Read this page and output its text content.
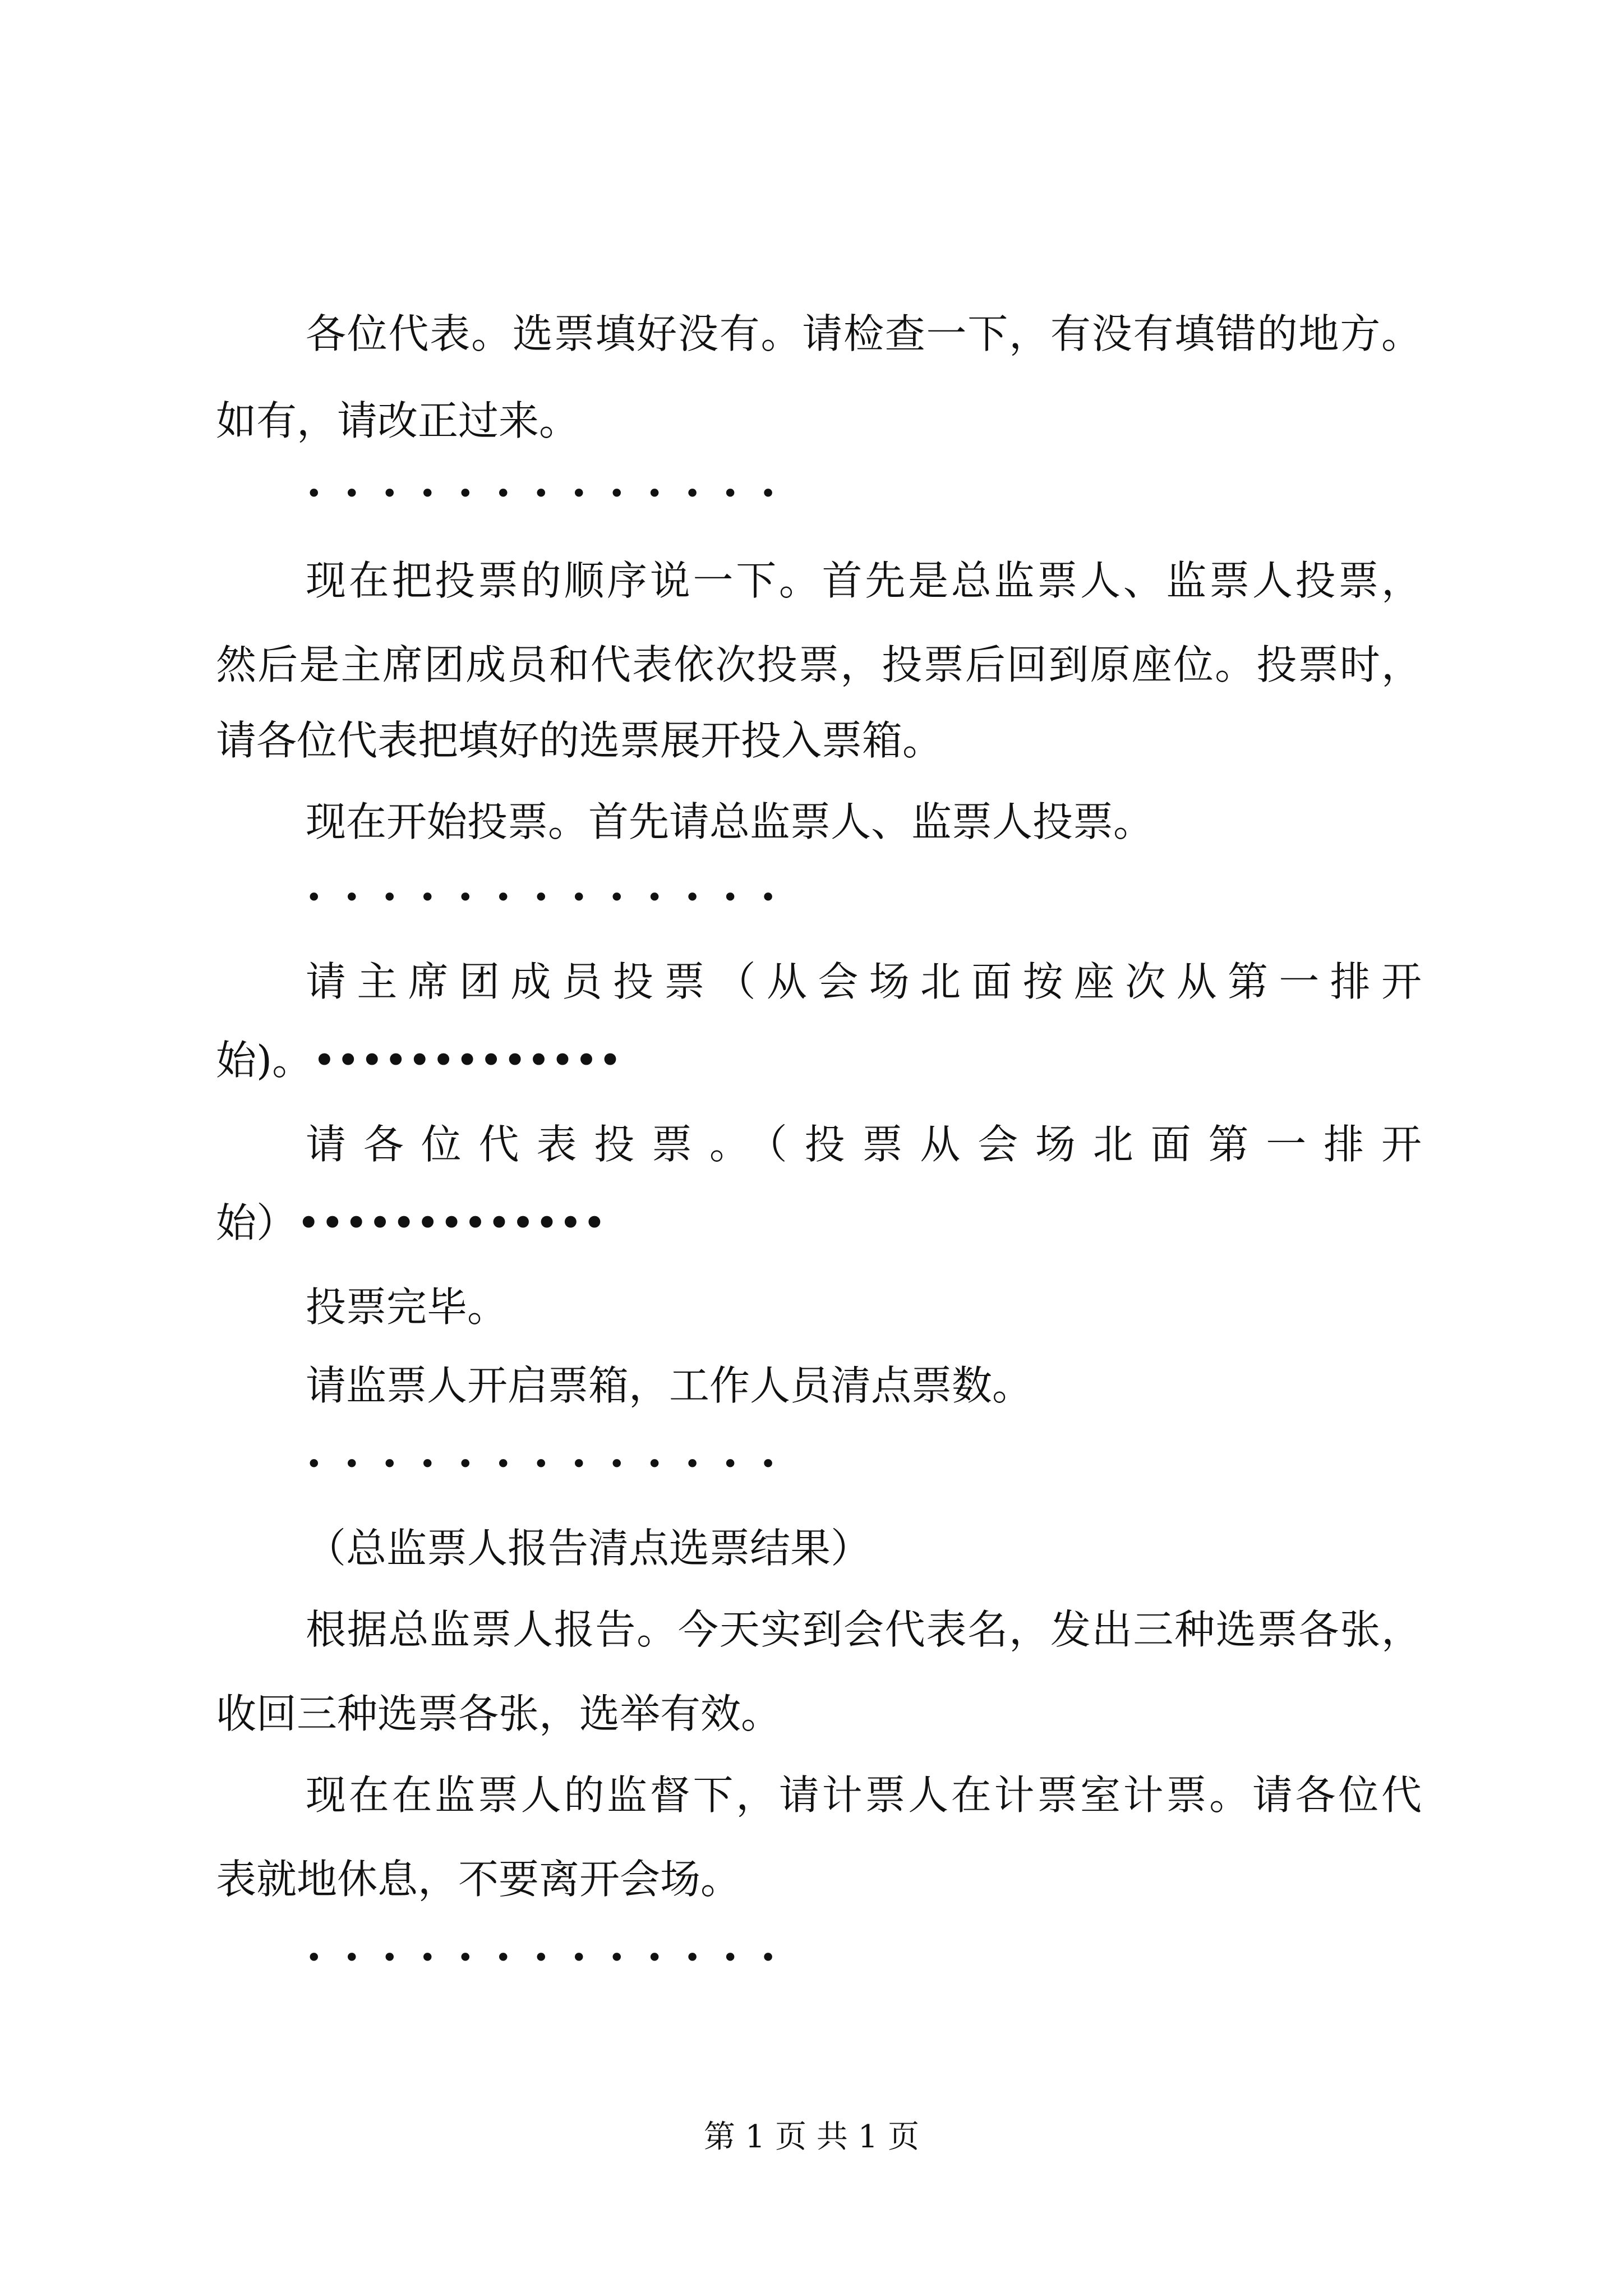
各位代表。选票填好没有。请检查一下，有没有填错的地方。

如有，请改正过来。

•••••••••••••

现在把投票的顺序说一下。首先是总监票人、监票人投票，

然后是主席团成员和代表依次投票，投票后回到原座位。投票时，

请各位代表把填好的选票展开投入票箱。

现在开始投票。首先请总监票人、监票人投票。

•••••••••••••

请主席团成员投票（从会场北面按座次从第一排开

始)。•••••••••••••

请各位代表投票。（投票从会场北面第一排开

始）•••••••••••••

投票完毕。

请监票人开启票箱，工作人员清点票数。

•••••••••••••

（总监票人报告清点选票结果）

根据总监票人报告。今天实到会代表名，发出三种选票各张，

收回三种选票各张，选举有效。

现在在监票人的监督下，请计票人在计票室计票。请各位代

表就地休息，不要离开会场。

•••••••••••••

第 1 页 共 1 页
